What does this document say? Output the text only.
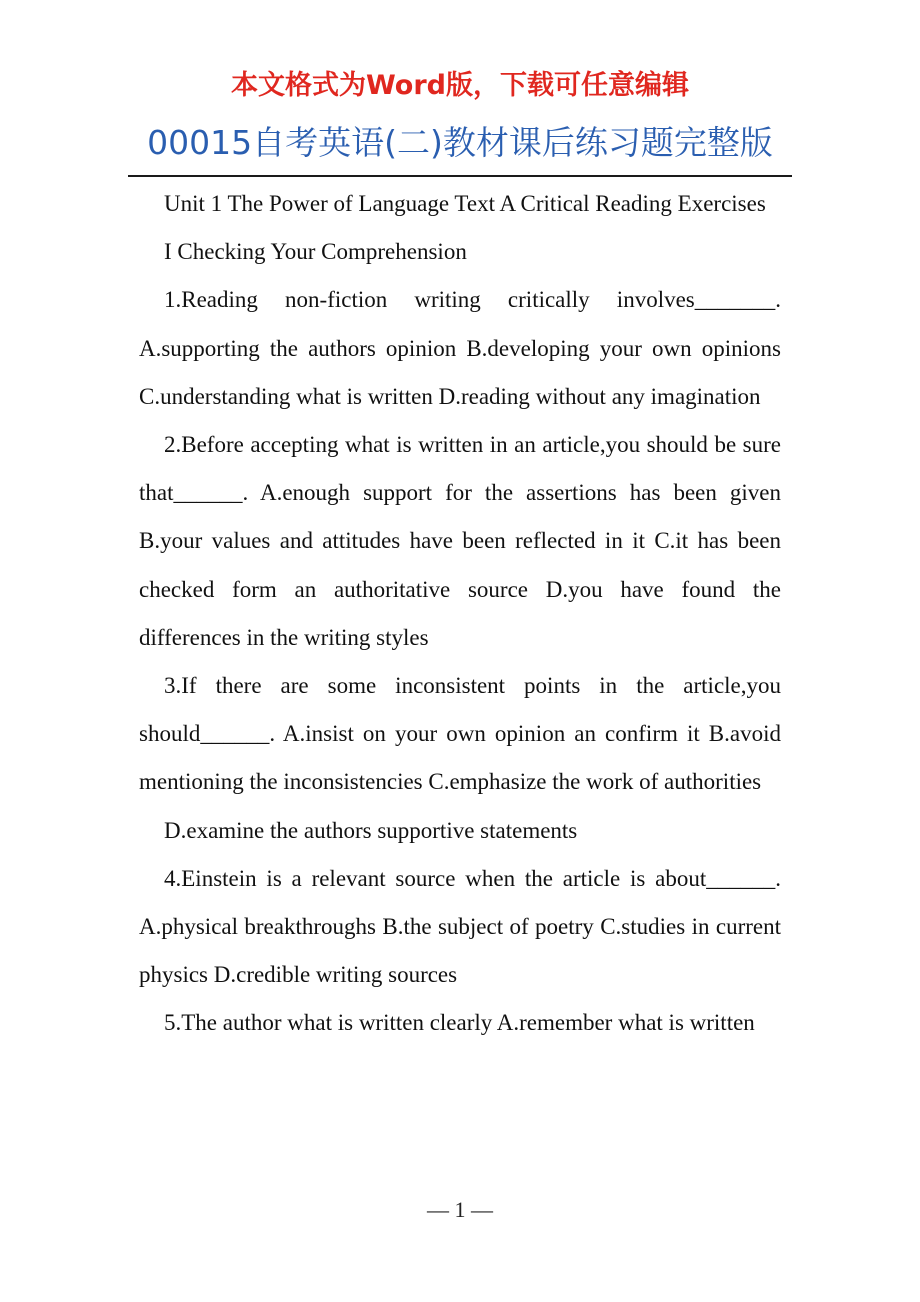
本文格式为Word版，下载可任意编辑
00015自考英语(二)教材课后练习题完整版

Unit 1 The Power of Language Text A Critical Reading Exercises

I Checking Your Comprehension

1.Reading non-fiction writing critically involves_______. A.supporting the authors opinion B.developing your own opinions C.understanding what is written D.reading without any imagination

2.Before accepting what is written in an article,you should be sure that______. A.enough support for the assertions has been given B.your values and attitudes have been reflected in it C.it has been checked form an authoritative source D.you have found the differences in the writing styles

3.If there are some inconsistent points in the article,you should______. A.insist on your own opinion an confirm it B.avoid mentioning the inconsistencies C.emphasize the work of authorities

D.examine the authors supportive statements

4.Einstein is a relevant source when the article is about______. A.physical breakthroughs B.the subject of poetry C.studies in current physics D.credible writing sources

5.The author what is written clearly A.remember what is written

— 1 —
